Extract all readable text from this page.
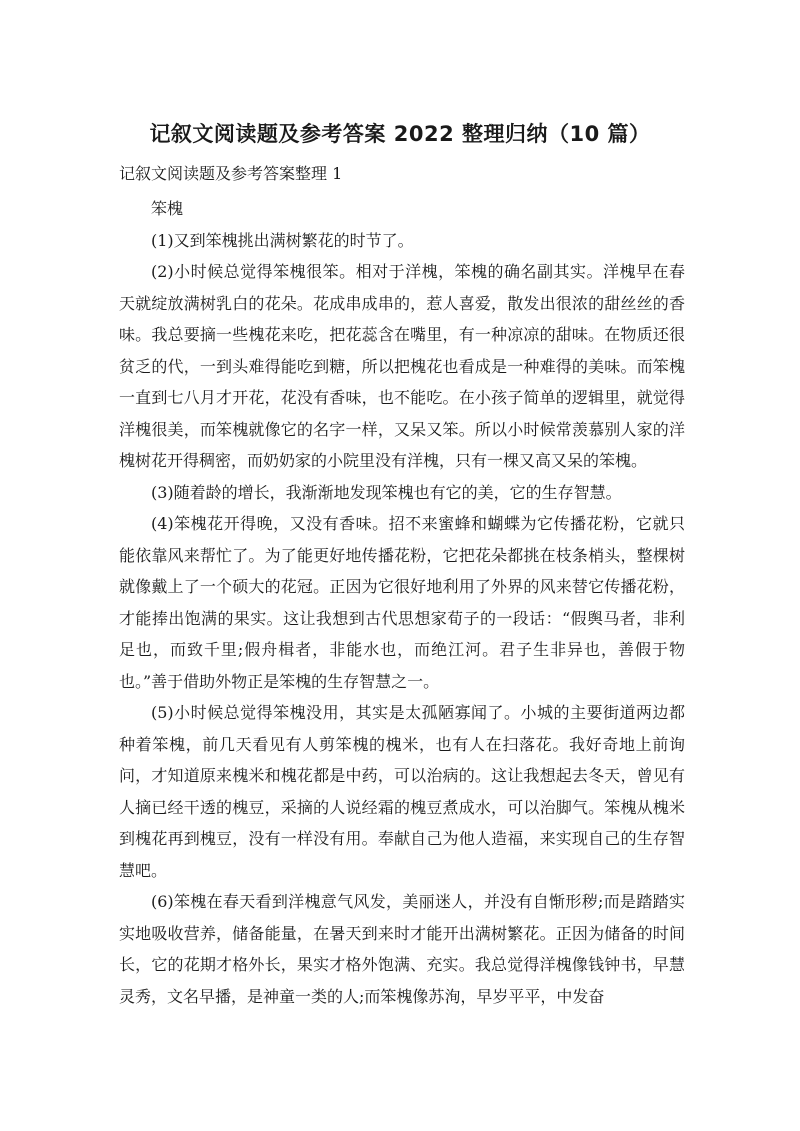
记叙文阅读题及参考答案 2022 整理归纳（10 篇）

记叙文阅读题及参考答案整理 1

笨槐

(1)又到笨槐挑出满树繁花的时节了。

(2)小时候总觉得笨槐很笨。相对于洋槐，笨槐的确名副其实。洋槐早在春天就绽放满树乳白的花朵。花成串成串的，惹人喜爱，散发出很浓的甜丝丝的香味。我总要摘一些槐花来吃，把花蕊含在嘴里，有一种凉凉的甜味。在物质还很贫乏的代，一到头难得能吃到糖，所以把槐花也看成是一种难得的美味。而笨槐一直到七八月才开花，花没有香味，也不能吃。在小孩子简单的逻辑里，就觉得洋槐很美，而笨槐就像它的名字一样，又呆又笨。所以小时候常羡慕别人家的洋槐树花开得稠密，而奶奶家的小院里没有洋槐，只有一棵又高又呆的笨槐。

(3)随着龄的增长，我渐渐地发现笨槐也有它的美，它的生存智慧。

(4)笨槐花开得晚，又没有香味。招不来蜜蜂和蝴蝶为它传播花粉，它就只能依靠风来帮忙了。为了能更好地传播花粉，它把花朵都挑在枝条梢头，整棵树就像戴上了一个硕大的花冠。正因为它很好地利用了外界的风来替它传播花粉，才能捧出饱满的果实。这让我想到古代思想家荀子的一段话：“假舆马者，非利足也，而致千里;假舟楫者，非能水也，而绝江河。君子生非异也，善假于物也。”善于借助外物正是笨槐的生存智慧之一。

(5)小时候总觉得笨槐没用，其实是太孤陋寡闻了。小城的主要街道两边都种着笨槐，前几天看见有人剪笨槐的槐米，也有人在扫落花。我好奇地上前询问，才知道原来槐米和槐花都是中药，可以治病的。这让我想起去冬天，曾见有人摘已经干透的槐豆，采摘的人说经霜的槐豆煮成水，可以治脚气。笨槐从槐米到槐花再到槐豆，没有一样没有用。奉献自己为他人造福，来实现自己的生存智慧吧。

(6)笨槐在春天看到洋槐意气风发，美丽迷人，并没有自惭形秽;而是踏踏实实地吸收营养，储备能量，在暑天到来时才能开出满树繁花。正因为储备的时间长，它的花期才格外长，果实才格外饱满、充实。我总觉得洋槐像钱钟书，早慧灵秀，文名早播，是神童一类的人;而笨槐像苏洵，早岁平平，中发奋
